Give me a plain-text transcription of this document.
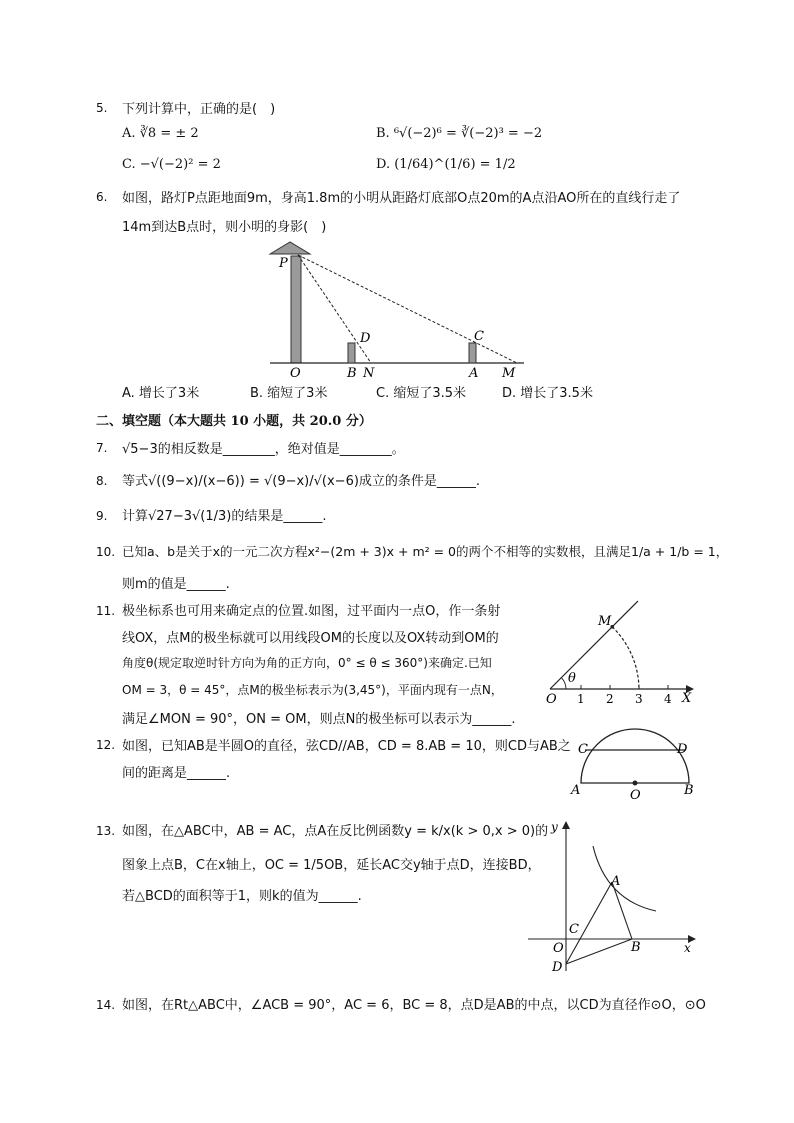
5. 下列计算中，正确的是(　)
A. ∛8 = ± 2	B. ⁶√(−2)⁶ = ∛(−2)³ = −2
C. −√(−2)² = 2	D. (1/64)^(1/6) = 1/2
6. 如图，路灯P点距地面9m，身高1.8m的小明从距路灯底部O点20m的A点沿AO所在的直线行走了
14m到达B点时，则小明的身影(　)
P
D	C
O	B N	A M
A. 增长了3米	B. 缩短了3米	C. 缩短了3.5米	D. 增长了3.5米
二、填空题（本大题共 10 小题，共 20.0 分）
7. √5−3的相反数是________，绝对值是________。
8. 等式√((9−x)/(x−6)) = √(9−x)/√(x−6)成立的条件是______.
9. 计算√27−3√(1/3)的结果是______.
10. 已知a、b是关于x的一元二次方程x²−(2m + 3)x + m² = 0的两个不相等的实数根，且满足1/a + 1/b = 1，
则m的值是______.
11. 极坐标系也可用来确定点的位置.如图，过平面内一点O，作一条射
线OX，点M的极坐标就可以用线段OM的长度以及OX转动到OM的
角度θ(规定取逆时针方向为角的正方向，0° ≤ θ ≤ 360°)来确定.已知
OM = 3，θ = 45°，点M的极坐标表示为(3,45°)，平面内现有一点N，
满足∠MON = 90°，ON = OM，则点N的极坐标可以表示为______.
M
θ
O 1 2 3 4 X
12. 如图，已知AB是半圆O的直径，弦CD//AB，CD = 8.AB = 10，则CD与AB之
间的距离是______.
C	D
A	O	B
13. 如图，在△ABC中，AB = AC，点A在反比例函数y = k/x(k > 0,x > 0)的
图象上点B，C在x轴上，OC = 1/5OB，延长AC交y轴于点D，连接BD，
若△BCD的面积等于1，则k的值为______.
y
x
A
C
O	B
D
14. 如图，在Rt△ABC中，∠ACB = 90°，AC = 6，BC = 8，点D是AB的中点，以CD为直径作⊙O，⊙O
